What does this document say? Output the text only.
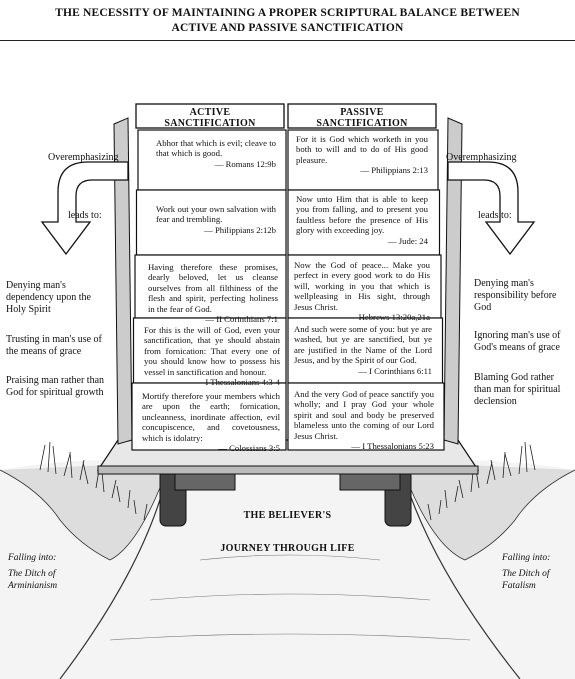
THE NECESSITY OF MAINTAINING A PROPER SCRIPTURAL BALANCE BETWEEN
ACTIVE AND PASSIVE SANCTIFICATION
ACTIVE
SANCTIFICATION
PASSIVE
SANCTIFICATION
Abhor that which is evil; cleave to that which is good.
— Romans 12:9b
Work out your own salvation with fear and trembling.
— Philippians 2:12b
Having therefore these promises, dearly beloved, let us cleanse ourselves from all filthiness of the flesh and spirit, perfecting holiness in the fear of God.
— II Corinthians 7:1
For this is the will of God, even your sanctification, that ye should abstain from fornication: That every one of you should know how to possess his vessel in sanctification and honour.
— I Thessalonians 4:3-4
Mortify therefore your members which are upon the earth; fornication, uncleanness, inordinate affection, evil concupiscence, and covetousness, which is idolatry:
— Colossians 3:5
For it is God which worketh in you both to will and to do of His good pleasure.
— Philippians 2:13
Now unto Him that is able to keep you from falling, and to present you faultless before the presence of His glory with exceeding joy.
— Jude: 24
Now the God of peace... Make you perfect in every good work to do His will, working in you that which is wellpleasing in His sight, through Jesus Christ.
— Hebrews 13:20a,21a
And such were some of you: but ye are washed, but ye are sanctified, but ye are justified in the Name of the Lord Jesus, and by the Spirit of our God.
— I Corinthians 6:11
And the very God of peace sanctify you wholly; and I pray God your whole spirit and soul and body be preserved blameless unto the coming of our Lord Jesus Christ.
— I Thessalonians 5:23
Overemphasizing
leads to:
Overemphasizing
leads to:
Denying man's dependency upon the Holy Spirit
Trusting in man's use of the means of grace
Praising man rather than God for spiritual growth
Denying man's responsibility before God
Ignoring man's use of God's means of grace
Blaming God rather than man for spiritual declension
THE BELIEVER'S
JOURNEY THROUGH LIFE
Falling into:
The Ditch of Arminianism
Falling into:
The Ditch of Fatalism
